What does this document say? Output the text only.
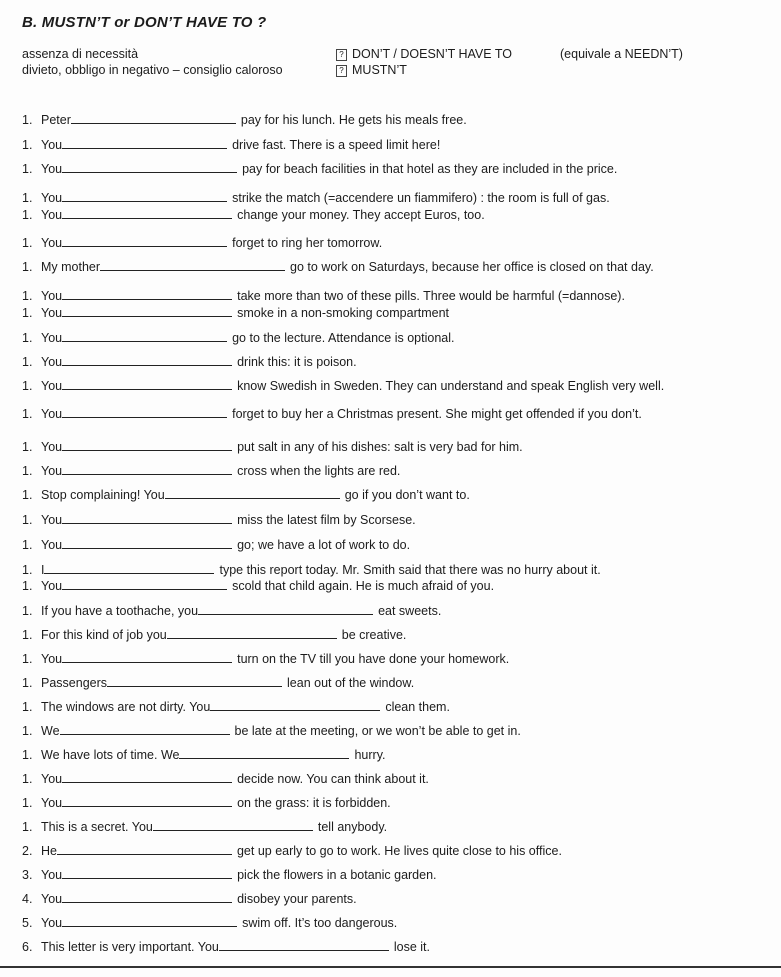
B. MUSTN’T or DON’T HAVE TO ?
assenza di necessità	? DON’T / DOESN’T HAVE TO	(equivale a NEEDN’T)
divieto, obbligo in negativo – consiglio caloroso	? MUSTN’T
1. Peter	pay for his lunch. He gets his meals free.
1. You	drive fast. There is a speed limit here!
1. You	pay for beach facilities in that hotel as they are included in the price.
1. You	strike the match (=accendere un fiammifero) : the room is full of gas.
1. You	change your money. They accept Euros, too.
1. You	forget to ring her tomorrow.
1. My mother	go to work on Saturdays, because her office is closed on that day.
1. You	take more than two of these pills. Three would be harmful (=dannose).
1. You	smoke in a non-smoking compartment
1. You	go to the lecture. Attendance is optional.
1. You	drink this: it is poison.
1. You	know Swedish in Sweden. They can understand and speak English very well.
1. You	forget to buy her a Christmas present. She might get offended if you don’t.
1. You	put salt in any of his dishes: salt is very bad for him.
1. You	cross when the lights are red.
1. Stop complaining! You	go if you don’t want to.
1. You	miss the latest film by Scorsese.
1. You	go; we have a lot of work to do.
1. I	type this report today. Mr. Smith said that there was no hurry about it.
1. You	scold that child again. He is much afraid of you.
1. If you have a toothache, you	eat sweets.
1. For this kind of job you	be creative.
1. You	turn on the TV till you have done your homework.
1. Passengers	lean out of the window.
1. The windows are not dirty. You	clean them.
1. We	be late at the meeting, or we won’t be able to get in.
1. We have lots of time. We	hurry.
1. You	decide now. You can think about it.
1. You	on the grass: it is forbidden.
1. This is a secret. You	tell anybody.
2. He	get up early to go to work. He lives quite close to his office.
3. You	pick the flowers in a botanic garden.
4. You	disobey your parents.
5. You	swim off. It’s too dangerous.
6. This letter is very important. You	lose it.
